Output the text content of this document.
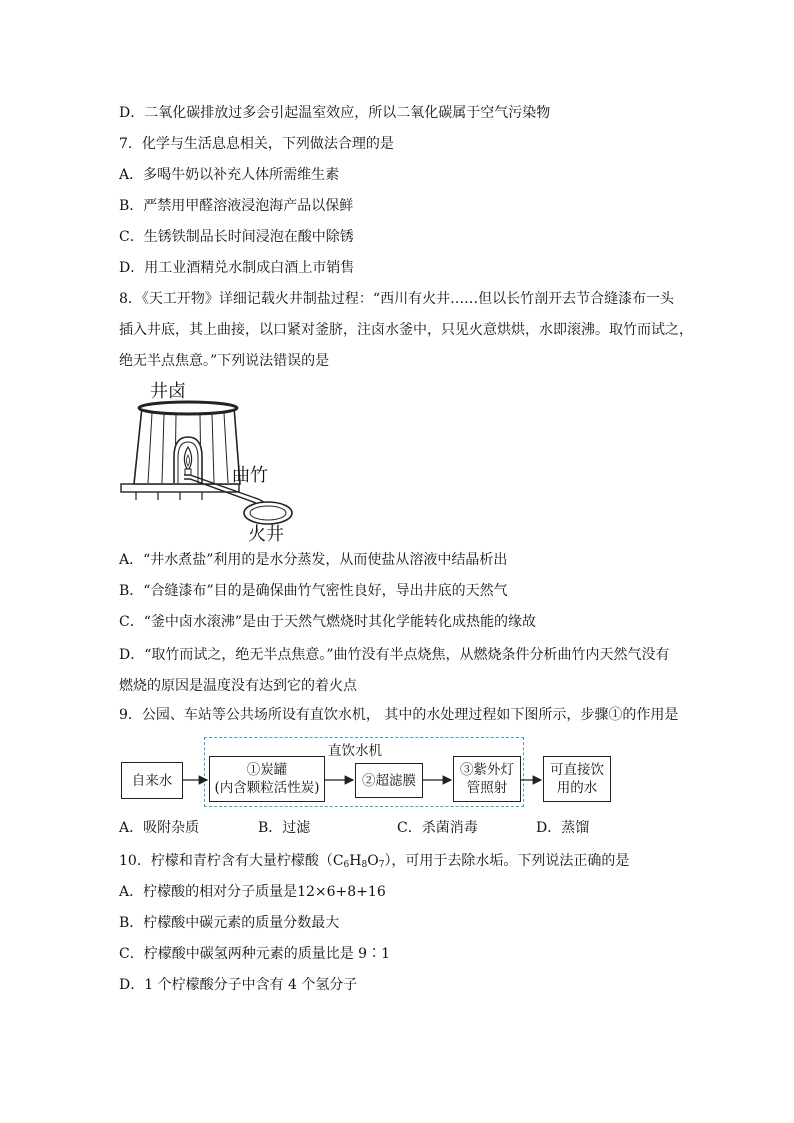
D．二氧化碳排放过多会引起温室效应，所以二氧化碳属于空气污染物
7．化学与生活息息相关，下列做法合理的是
A．多喝牛奶以补充人体所需维生素
B．严禁用甲醛溶液浸泡海产品以保鲜
C．生锈铁制品长时间浸泡在酸中除锈
D．用工业酒精兑水制成白酒上市销售
8．《天工开物》详细记载火井制盐过程：“西川有火井……但以长竹剖开去节合缝漆布一头
插入井底，其上曲接，以口紧对釜脐，注卤水釜中，只见火意烘烘，水即滚沸。取竹而试之，
绝无半点焦意。”下列说法错误的是
井卤
曲竹
火井
A．“井水煮盐”利用的是水分蒸发，从而使盐从溶液中结晶析出
B．“合缝漆布”目的是确保曲竹气密性良好，导出井底的天然气
C．“釜中卤水滚沸”是由于天然气燃烧时其化学能转化成热能的缘故
D．“取竹而试之，绝无半点焦意。”曲竹没有半点烧焦，从燃烧条件分析曲竹内天然气没有
燃烧的原因是温度没有达到它的着火点
9．公园、车站等公共场所设有直饮水机， 其中的水处理过程如下图所示，步骤①的作用是
直饮水机
自来水
①炭罐
(内含颗粒活性炭)	②超滤膜
③紫外灯
管照射
可直接饮
用的水
A．吸附杂质	B．过滤	C．杀菌消毒	D．蒸馏
10．柠檬和青柠含有大量柠檬酸$(C_6H_8O_7)$，可用于去除水垢。下列说法正确的是
A．柠檬酸的相对分子质量是12×6+8+16
B．柠檬酸中碳元素的质量分数最大
C．柠檬酸中碳氢两种元素的质量比是 9∶1
D．1 个柠檬酸分子中含有 4 个氢分子
